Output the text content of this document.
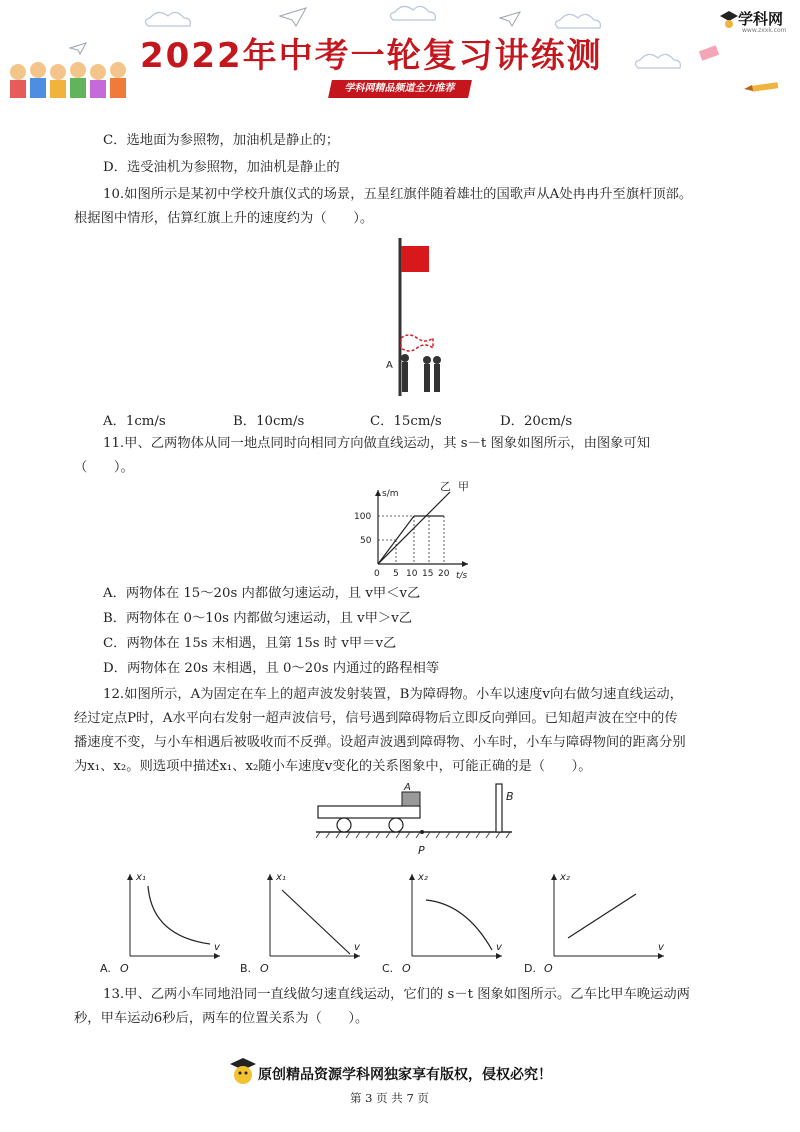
2022年中考一轮复习讲练测
学科网精品频道全力推荐
学科网
www.zxxk.com
C．选地面为参照物，加油机是静止的；
D．选受油机为参照物，加油机是静止的
10.如图所示是某初中学校升旗仪式的场景，五星红旗伴随着雄壮的国歌声从A处冉冉升至旗杆顶部。
根据图中情形，估算红旗上升的速度约为（　　）。
A
A．1cm/s	B．10cm/s	C．15cm/s	D．20cm/s
11.甲、乙两物体从同一地点同时向相同方向做直线运动，其 s－t 图象如图所示，由图象可知
（　　）。
s/m
t/s
100
50
0 5 10 15 20
乙 甲
A．两物体在 15～20s 内都做匀速运动，且 v甲＜v乙
B．两物体在 0～10s 内都做匀速运动，且 v甲＞v乙
C．两物体在 15s 末相遇，且第 15s 时 v甲＝v乙
D．两物体在 20s 末相遇，且 0～20s 内通过的路程相等
12.如图所示，A为固定在车上的超声波发射装置，B为障碍物。小车以速度v向右做匀速直线运动，
经过定点P时，A水平向右发射一超声波信号，信号遇到障碍物后立即反向弹回。已知超声波在空中的传
播速度不变，与小车相遇后被吸收而不反弹。设超声波遇到障碍物、小车时，小车与障碍物间的距离分别
为x₁、x₂。则选项中描述x₁、x₂随小车速度v变化的关系图象中，可能正确的是（　　）。
A
B
P
A.
x₁
v
O	B.
x₁
v
O	C.
x₂
v
O	D.
x₂
v
O
13.甲、乙两小车同地沿同一直线做匀速直线运动，它们的 s－t 图象如图所示。乙车比甲车晚运动两
秒，甲车运动6秒后，两车的位置关系为（　　）。
原创精品资源学科网独家享有版权，侵权必究！
第 3 页 共 7 页
